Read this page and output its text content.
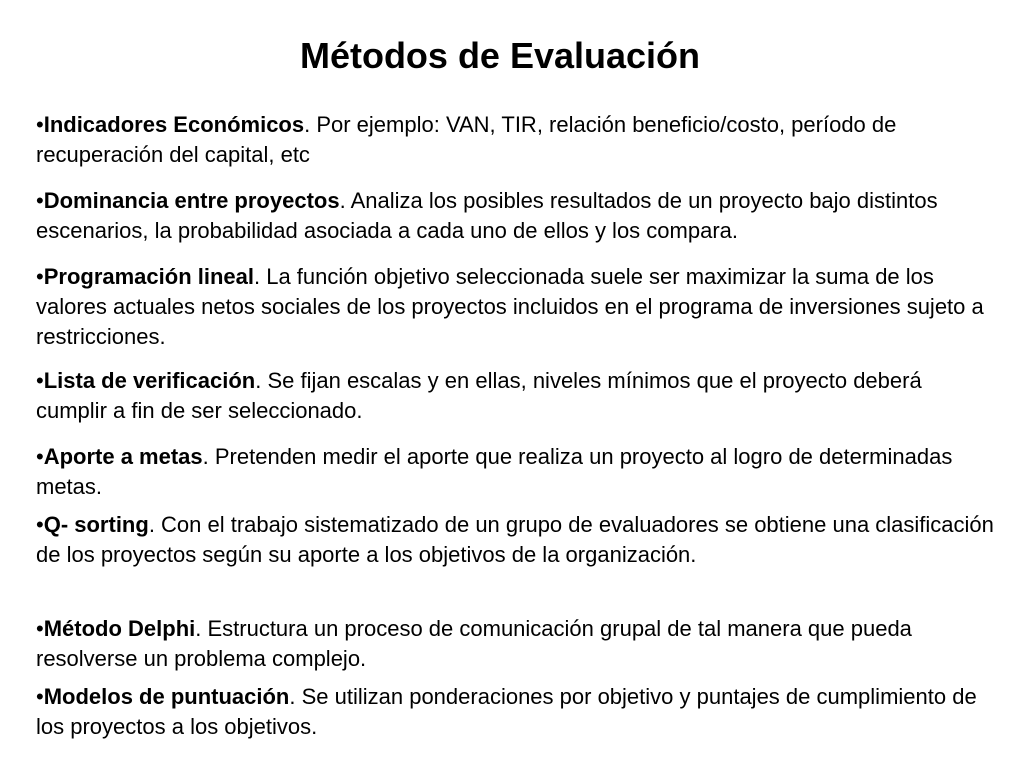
Métodos de Evaluación

•Indicadores Económicos. Por ejemplo: VAN, TIR, relación beneficio/costo, período de recuperación del capital, etc

•Dominancia entre proyectos. Analiza los posibles resultados de un proyecto bajo distintos escenarios, la probabilidad asociada a cada uno de ellos y los compara.

•Programación lineal. La función objetivo seleccionada suele ser maximizar la suma de los valores actuales netos sociales de los proyectos incluidos en el programa de inversiones sujeto a restricciones.

•Lista de verificación. Se fijan escalas y en ellas, niveles mínimos que el proyecto deberá cumplir a fin de ser seleccionado.

•Aporte a metas. Pretenden medir el aporte que realiza un proyecto al logro de determinadas metas.

•Q- sorting. Con el trabajo sistematizado de un grupo de evaluadores se obtiene una clasificación de los proyectos según su aporte a los objetivos de la organización.

•Método Delphi. Estructura un proceso de comunicación grupal de tal manera que pueda resolverse un problema complejo.

•Modelos de puntuación. Se utilizan ponderaciones por objetivo y puntajes de cumplimiento de los proyectos a los objetivos.
